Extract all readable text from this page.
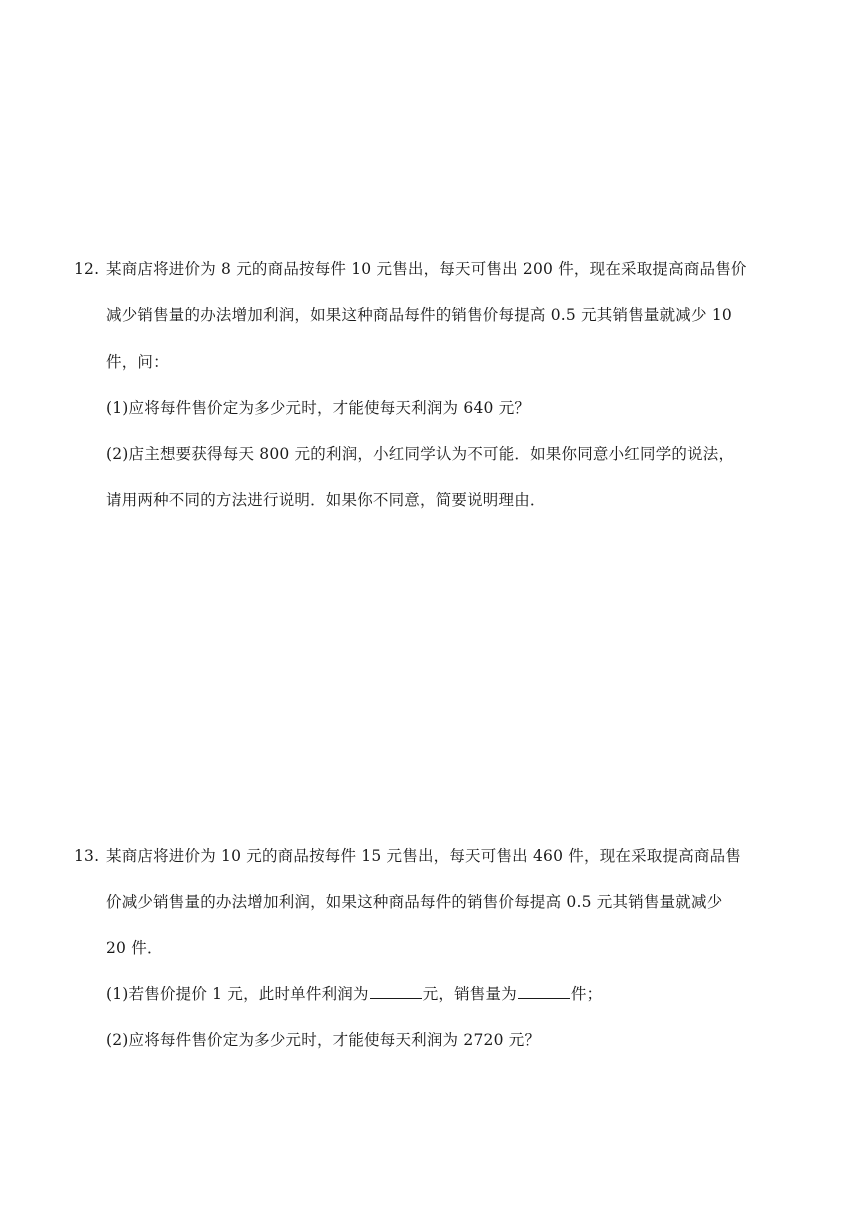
12. 某商店将进价为 8 元的商品按每件 10 元售出，每天可售出 200 件，现在采取提高商品售价
减少销售量的办法增加利润，如果这种商品每件的销售价每提高 0.5 元其销售量就减少 10
件，问：
(1)应将每件售价定为多少元时，才能使每天利润为 640 元？
(2)店主想要获得每天 800 元的利润，小红同学认为不可能．如果你同意小红同学的说法，
请用两种不同的方法进行说明．如果你不同意，简要说明理由．
13. 某商店将进价为 10 元的商品按每件 15 元售出，每天可售出 460 件，现在采取提高商品售
价减少销售量的办法增加利润，如果这种商品每件的销售价每提高 0.5 元其销售量就减少
20 件．
(1)若售价提价 1 元，此时单件利润为	元，销售量为	件；
(2)应将每件售价定为多少元时，才能使每天利润为 2720 元？
